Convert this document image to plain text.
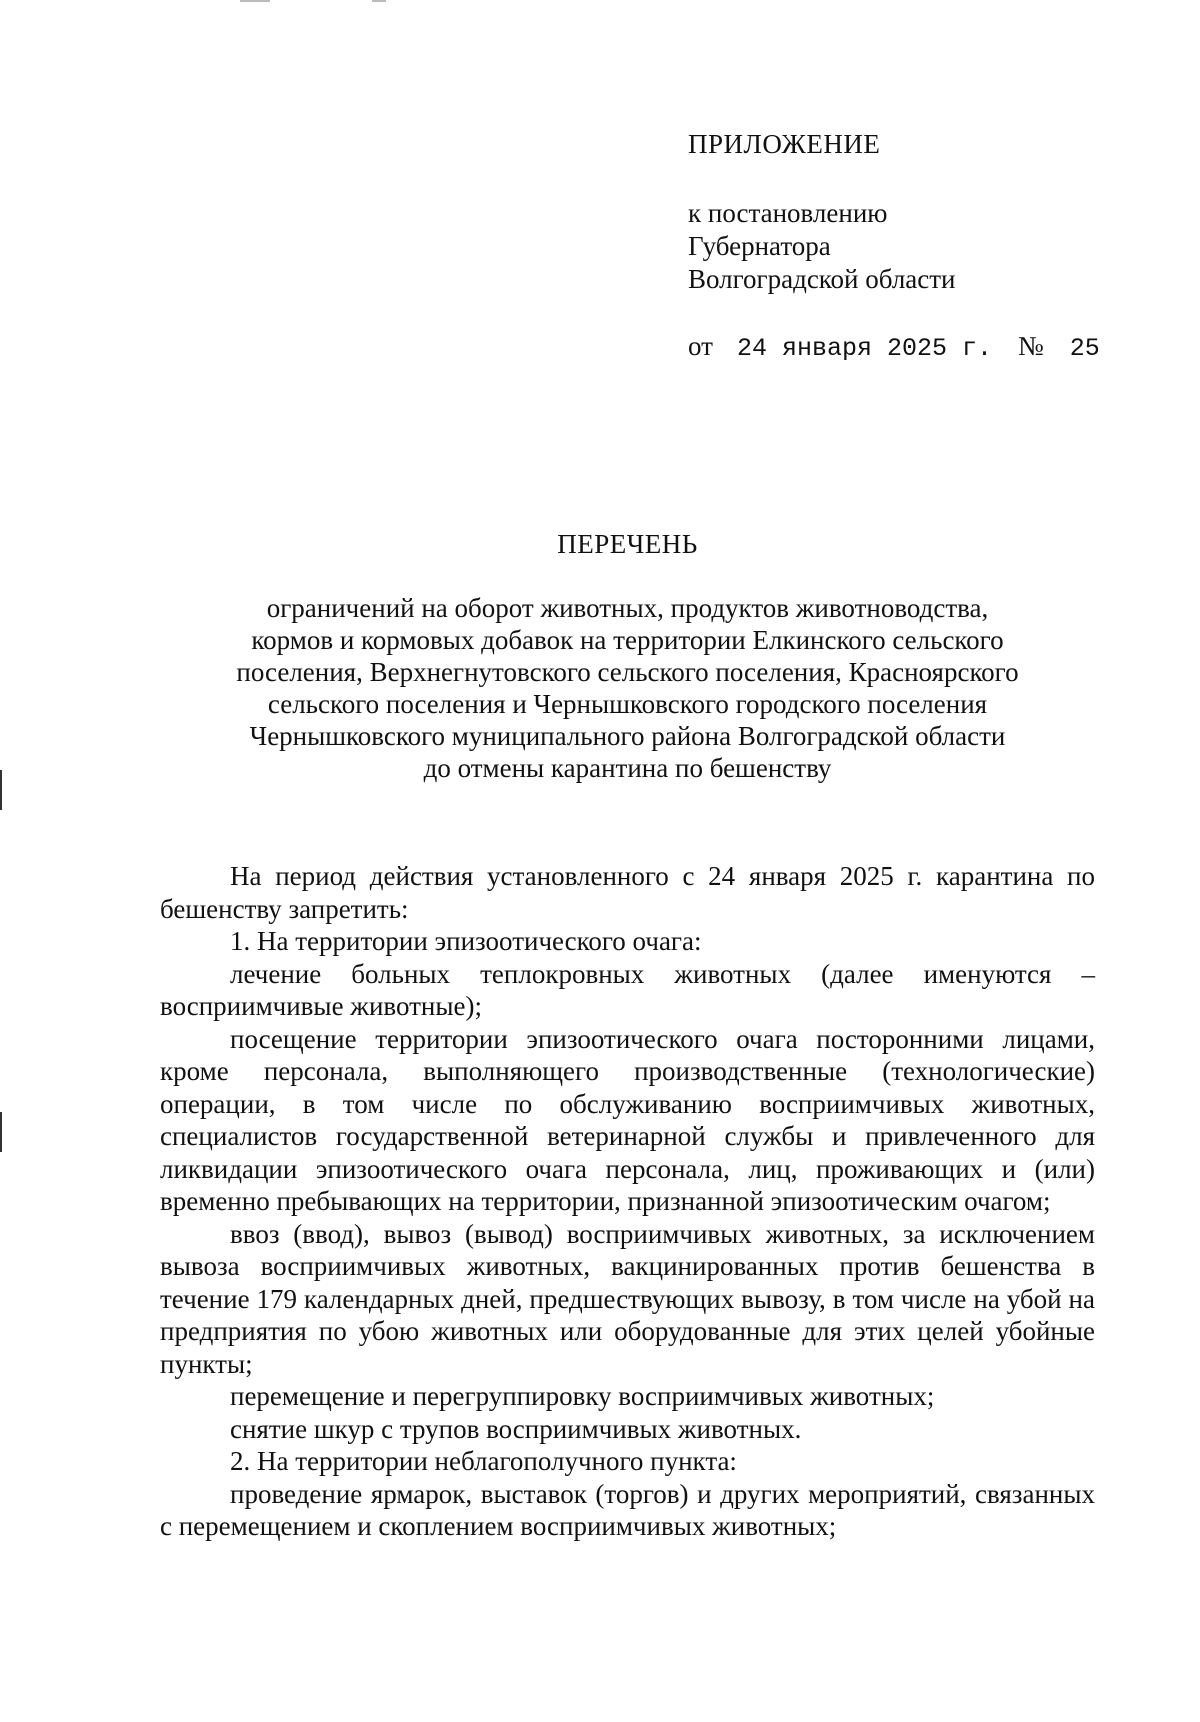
ПРИЛОЖЕНИЕ
к постановлению
Губернатора
Волгоградской области
от 24 января 2025 г. № 25
ПЕРЕЧЕНЬ
ограничений на оборот животных, продуктов животноводства,
кормов и кормовых добавок на территории Елкинского сельского
поселения, Верхнегнутовского сельского поселения, Красноярского
сельского поселения и Чернышковского городского поселения
Чернышковского муниципального района Волгоградской области
до отмены карантина по бешенству

На период действия установленного с 24 января 2025 г. карантина по бешенству запретить:

1. На территории эпизоотического очага:

лечение больных теплокровных животных (далее именуются – восприимчивые животные);

посещение территории эпизоотического очага посторонними лицами, кроме персонала, выполняющего производственные (технологические) операции, в том числе по обслуживанию восприимчивых животных, специалистов государственной ветеринарной службы и привлеченного для ликвидации эпизоотического очага персонала, лиц, проживающих и (или) временно пребывающих на территории, признанной эпизоотическим очагом;

ввоз (ввод), вывоз (вывод) восприимчивых животных, за исключением вывоза восприимчивых животных, вакцинированных против бешенства в течение 179 календарных дней, предшествующих вывозу, в том числе на убой на предприятия по убою животных или оборудованные для этих целей убойные пункты;

перемещение и перегруппировку восприимчивых животных;

снятие шкур с трупов восприимчивых животных.

2. На территории неблагополучного пункта:

проведение ярмарок, выставок (торгов) и других мероприятий, связанных с перемещением и скоплением восприимчивых животных;
